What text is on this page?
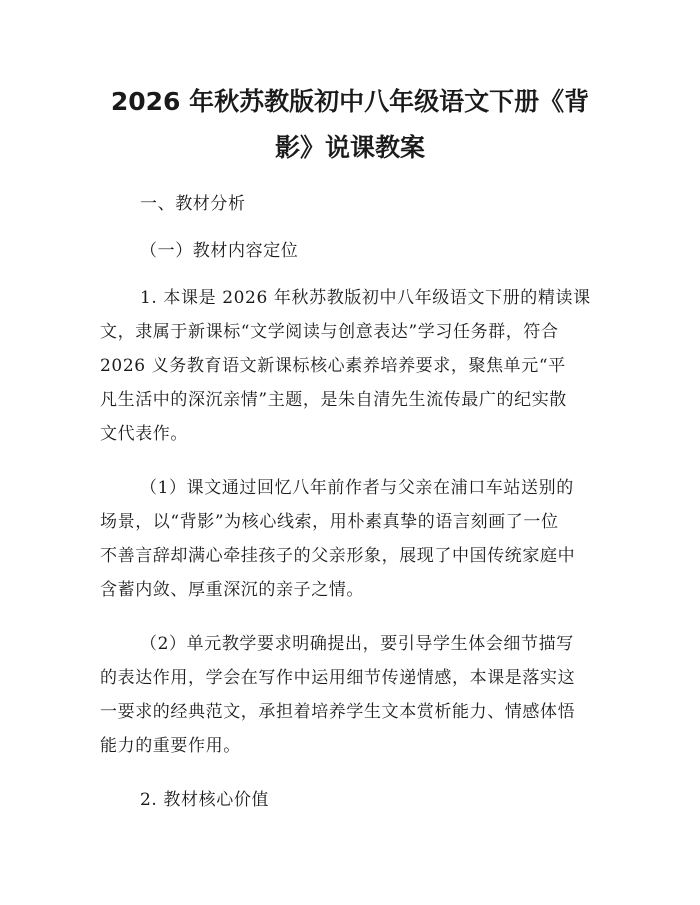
2026 年秋苏教版初中八年级语文下册《背
影》说课教案
一、教材分析
（一）教材内容定位
1. 本课是 2026 年秋苏教版初中八年级语文下册的精读课
文，隶属于新课标“文学阅读与创意表达”学习任务群，符合
2026 义务教育语文新课标核心素养培养要求，聚焦单元“平
凡生活中的深沉亲情”主题，是朱自清先生流传最广的纪实散
文代表作。
（1）课文通过回忆八年前作者与父亲在浦口车站送别的
场景，以“背影”为核心线索，用朴素真挚的语言刻画了一位
不善言辞却满心牵挂孩子的父亲形象，展现了中国传统家庭中
含蓄内敛、厚重深沉的亲子之情。
（2）单元教学要求明确提出，要引导学生体会细节描写
的表达作用，学会在写作中运用细节传递情感，本课是落实这
一要求的经典范文，承担着培养学生文本赏析能力、情感体悟
能力的重要作用。
2. 教材核心价值
